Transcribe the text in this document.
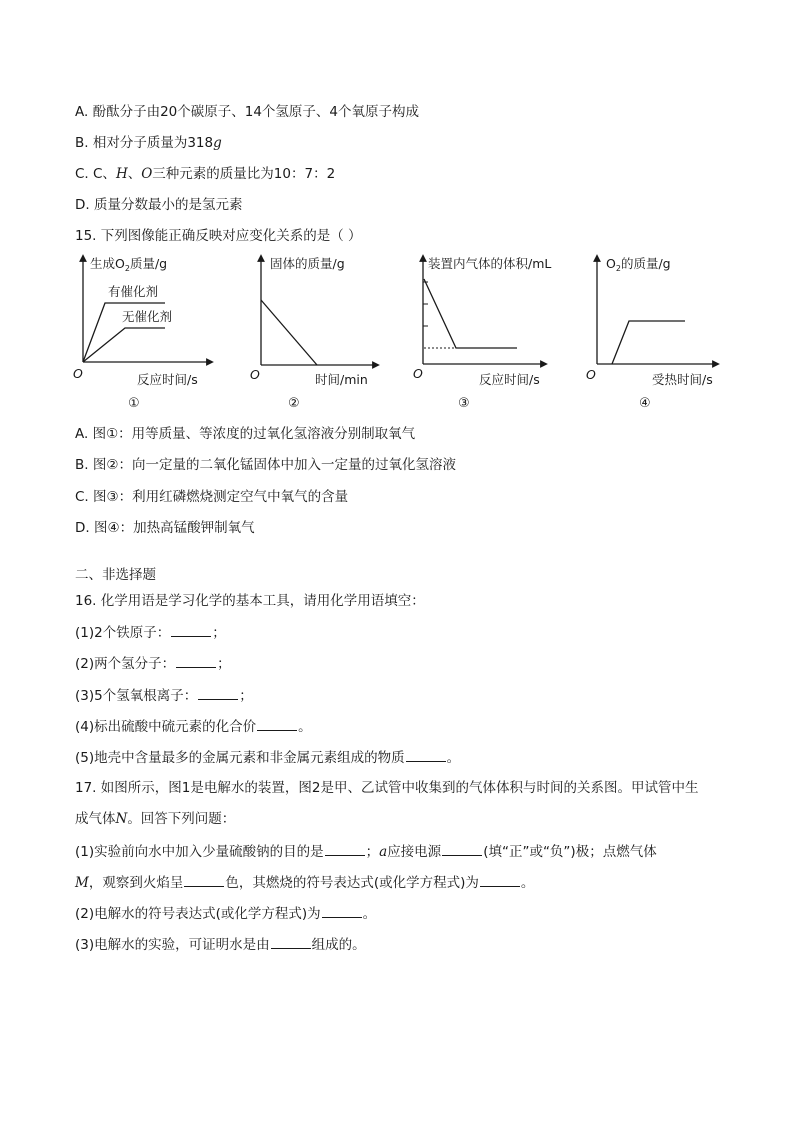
A. 酚酞分子由20个碳原子、14个氢原子、4个氧原子构成
B. 相对分子质量为318g
C. C、H、O三种元素的质量比为10：7：2
D. 质量分数最小的是氢元素
15. 下列图像能正确反映对应变化关系的是（ ）
生成$O_2$质量/g
有催化剂
无催化剂
O	反应时间/s
①
固体的质量/g
O	时间/min
②
装置内气体的体积/mL
O	反应时间/s
③
$O_2$的质量/g
O	受热时间/s
④
A. 图①：用等质量、等浓度的过氧化氢溶液分别制取氧气
B. 图②：向一定量的二氧化锰固体中加入一定量的过氧化氢溶液
C. 图③：利用红磷燃烧测定空气中氧气的含量
D. 图④：加热高锰酸钾制氧气
二、非选择题
16. 化学用语是学习化学的基本工具，请用化学用语填空：
(1)2个铁原子：	；
(2)两个氢分子：	；
(3)5个氢氧根离子：	；
(4)标出硫酸中硫元素的化合价	。
(5)地壳中含量最多的金属元素和非金属元素组成的物质	。
17. 如图所示，图1是电解水的装置，图2是甲、乙试管中收集到的气体体积与时间的关系图。甲试管中生
成气体N。回答下列问题：
(1)实验前向水中加入少量硫酸钠的目的是	；a应接电源	(填“正”或“负”)极；点燃气体
M，观察到火焰呈	色，其燃烧的符号表达式(或化学方程式)为	。
(2)电解水的符号表达式(或化学方程式)为	。
(3)电解水的实验，可证明水是由	组成的。
